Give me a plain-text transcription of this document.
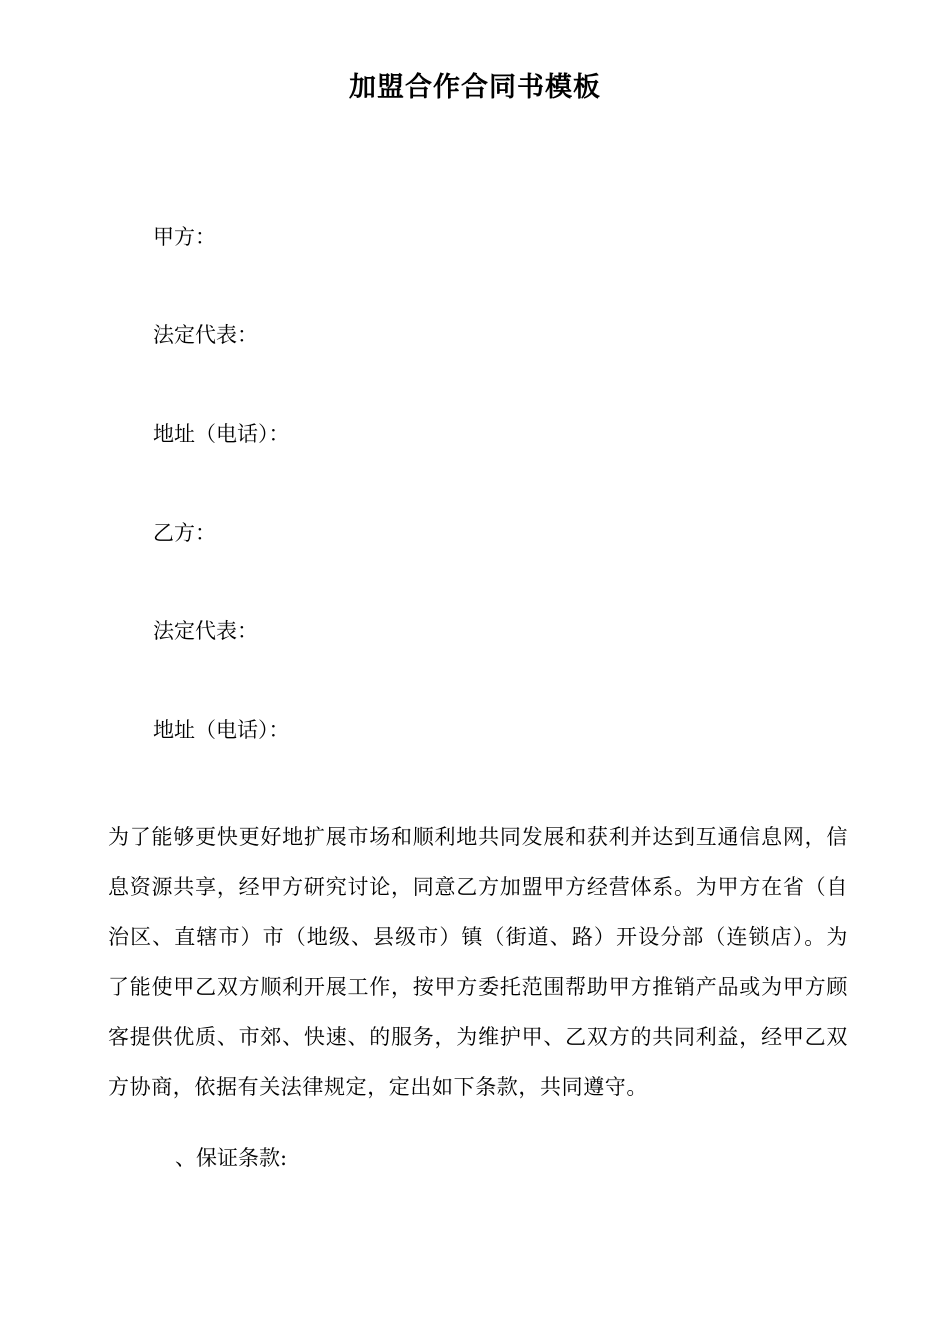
加盟合作合同书模板
甲方：
法定代表：
地址（电话）：
乙方：
法定代表：
地址（电话）：
为了能够更快更好地扩展市场和顺利地共同发展和获利并达到互通信息网，信息资源共享，经甲方研究讨论，同意乙方加盟甲方经营体系。为甲方在省（自治区、直辖市）市（地级、县级市）镇（街道、路）开设分部（连锁店）。为了能使甲乙双方顺利开展工作，按甲方委托范围帮助甲方推销产品或为甲方顾客提供优质、市郊、快速、的服务，为维护甲、乙双方的共同利益，经甲乙双方协商，依据有关法律规定，定出如下条款，共同遵守。
、保证条款:
